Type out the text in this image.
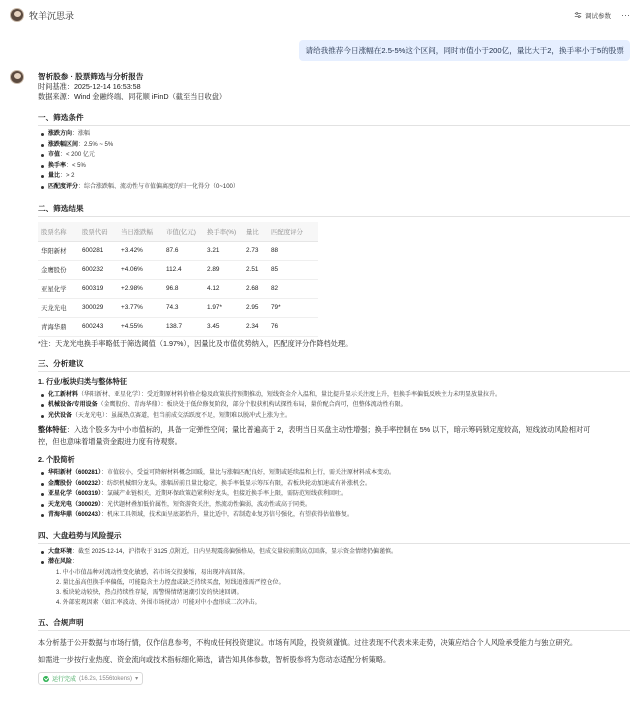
牧羊沉思录	调试参数 ···
请给我推荐今日涨幅在2.5-5%这个区间，同时市值小于200亿，量比大于2，换手率小于5的股票
智析股参 · 股票筛选与分析报告
时间基准：2025-12-14 16:53:58
数据来源：Wind 金融终端、同花顺 iFinD（截至当日收盘）
一、筛选条件
涨跌方向：涨幅
涨跌幅区间：2.5% ~ 5%
市值：< 200 亿元
换手率：< 5%
量比：> 2
匹配度评分：综合涨跌幅、流动性与市值偏离度的归一化得分（0~100）
二、筛选结果
股票名称	股票代码	当日涨跌幅	市值(亿元)	换手率(%)	量比	匹配度评分
华阳新材	600281	+3.42%	87.6	3.21	2.73	88
金鹰股份	600232	+4.06%	112.4	2.89	2.51	85
亚星化学	600319	+2.98%	96.8	4.12	2.68	82
天龙光电	300029	+3.77%	74.3	1.97*	2.95	79*
青海华鼎	600243	+4.55%	138.7	3.45	2.34	76
*注：天龙光电换手率略低于筛选阈值（1.97%），因量比及市值优势纳入，匹配度评分作降档处理。
三、分析建议
1. 行业/板块归类与整体特征
化工新材料（华阳新材、亚星化学）：受近期原材料价格企稳及政策扶持预期推动，短线资金介入温和，量比提升显示关注度上升，但换手率偏低反映主力未明显放量拉升。
机械设备/专用设备（金鹰股份、青海华鼎）：板块处于低位修复阶段，部分个股获机构试探性布局，量价配合尚可，但整体流动性有限。
光伏设备（天龙光电）：虽属热点赛道，但当前成交活跃度不足，短期难以脱冲式上涨为主。
整体特征：入选个股多为中小市值标的，具备一定弹性空间；量比普遍高于 2，表明当日买盘主动性增强；换手率控制在 5% 以下，暗示筹码锁定度较高，短线波动风险相对可
控，但也意味着增量资金跟进力度有待观察。
2. 个股简析
华阳新材（600281）：市值较小，受益可降解材料概念回暖，量比与涨幅匹配良好，短期或延续温和上行，需关注原材料成本变动。
金鹰股份（600232）：纺织机械细分龙头，涨幅居前且量比稳定，换手率低显示筹压有限，若板块轮动加速或有补涨机会。
亚星化学（600319）：氯碱产业链相关，近期环保政策趋紧利好龙头，但接近换手率上限，需防范短线获利回吐。
天龙光电（300029）：光伏题材叠加低价属性，短资游资关注，然流动性偏弱，波动性或高于同类。
青海华鼎（600243）：机床工具领域，技术面呈底部抬升，量比适中，若制造业复苏信号强化，有望获得估值修复。
四、大盘趋势与风险提示
大盘环境：截至 2025-12-14，沪指收于 3125 点附近，日内呈现震荡偏强格局，但成交量较前期高点回落，显示资金情绪仍偏谨慎。
潜在风险：
1. 中小市值品种对流动性变化敏感，若市场交投萎缩，易出现冲高回落。
2. 量比虽高但换手率偏低，可能隐含主力控盘或缺乏持续买盘，短线追涨需严控仓位。
3. 板块轮动较快，热点持续性存疑，需警惕情绪退潮引发的快速回调。
4. 外部宏观因素（如汇率波动、外围市场扰动）可能对中小盘形成二次冲击。
五、合规声明
本分析基于公开数据与市场行情，仅作信息参考，不构成任何投资建议。市场有风险，投资须谨慎。过往表现不代表未来走势，决策应结合个人风险承受能力与独立研究。
如需进一步按行业热度、资金流向或技术指标细化筛选，请告知具体参数，智析股参将为您动态适配分析策略。
运行完成 (16.2s, 1556tokens) ▾
